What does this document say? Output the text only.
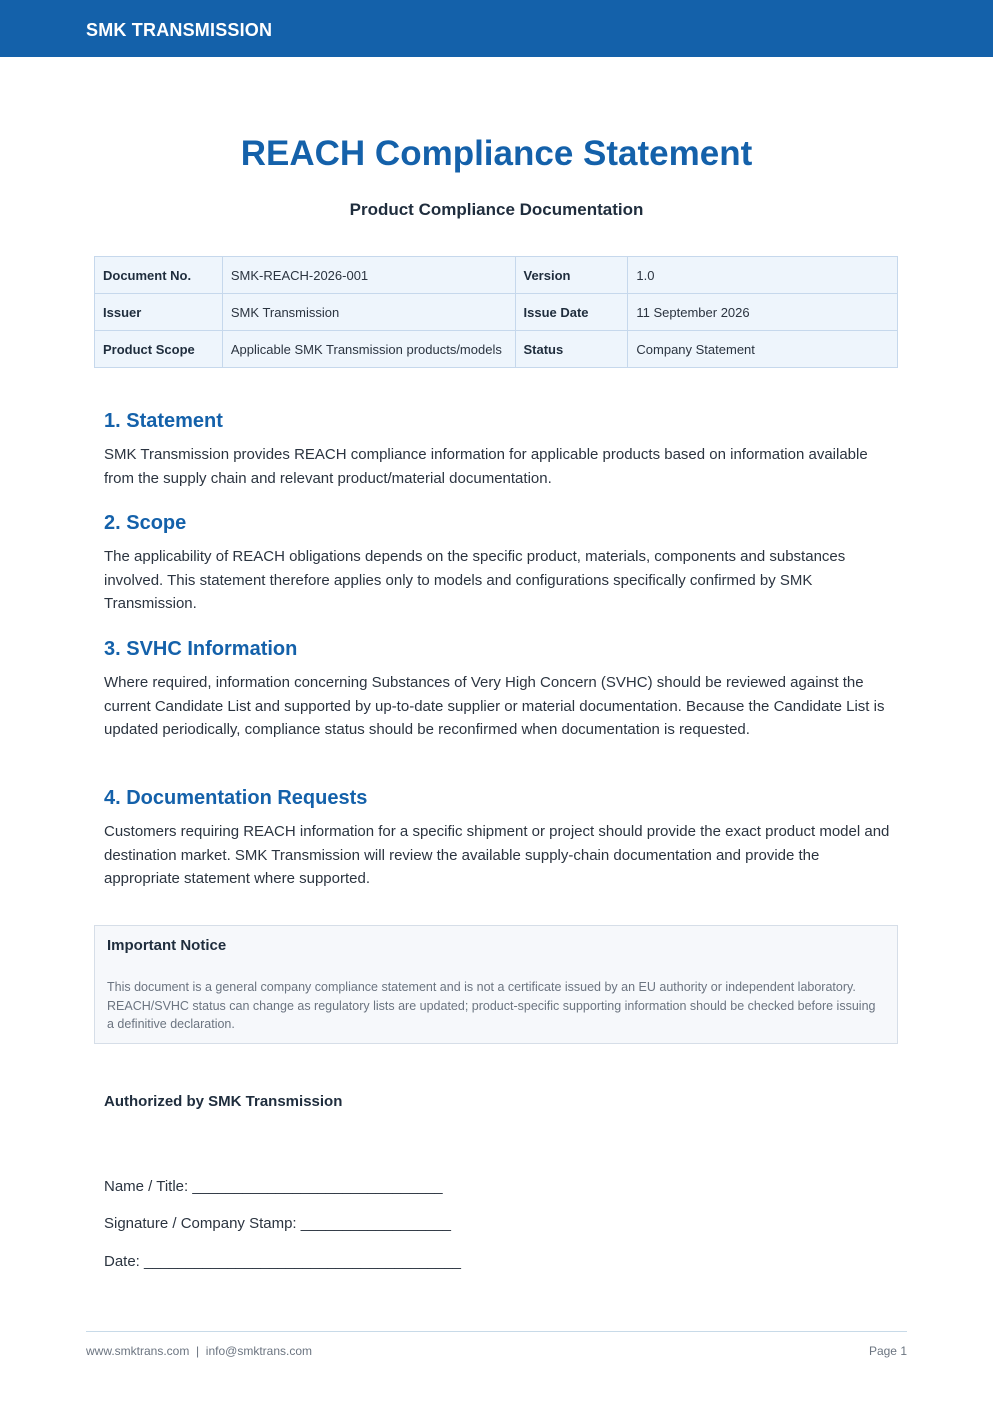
SMK TRANSMISSION
REACH Compliance Statement
Product Compliance Documentation
Document No.	SMK-REACH-2026-001	Version	1.0
Issuer	SMK Transmission	Issue Date	11 September 2026
Product Scope	Applicable SMK Transmission products/models	Status	Company Statement
1. Statement

SMK Transmission provides REACH compliance information for applicable products based on information available from the supply chain and relevant product/material documentation.

2. Scope

The applicability of REACH obligations depends on the specific product, materials, components and substances involved. This statement therefore applies only to models and configurations specifically confirmed by SMK Transmission.

3. SVHC Information

Where required, information concerning Substances of Very High Concern (SVHC) should be reviewed against the current Candidate List and supported by up-to-date supplier or material documentation. Because the Candidate List is updated periodically, compliance status should be reconfirmed when documentation is requested.

4. Documentation Requests

Customers requiring REACH information for a specific shipment or project should provide the exact product model and destination market. SMK Transmission will review the available supply-chain documentation and provide the appropriate statement where supported.

Important Notice
This document is a general company compliance statement and is not a certificate issued by an EU authority or independent laboratory. REACH/SVHC status can change as regulatory lists are updated; product-specific supporting information should be checked before issuing a definitive declaration.
Authorized by SMK Transmission
Name / Title: ______________________________
Signature / Company Stamp: __________________
Date: ______________________________________
www.smktrans.com  |  info@smktrans.com	Page 1
